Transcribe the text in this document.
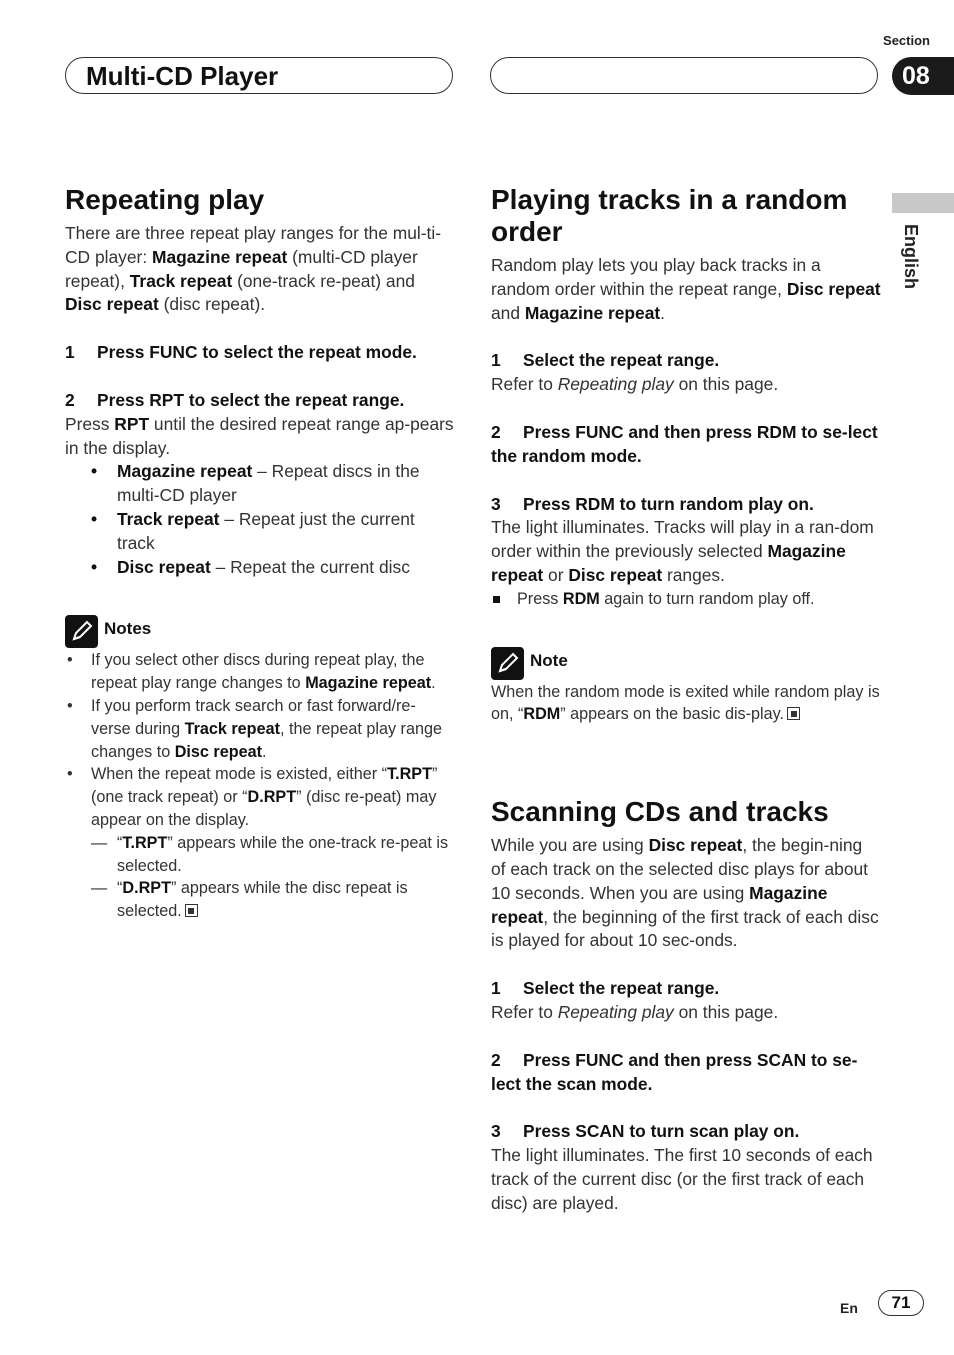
Section
Multi-CD Player	08
English
Repeating play

There are three repeat play ranges for the mul-ti-CD player: Magazine repeat (multi-CD player repeat), Track repeat (one-track re-peat) and Disc repeat (disc repeat).

1 Press FUNC to select the repeat mode.
2 Press RPT to select the repeat range.

Press RPT until the desired repeat range ap-pears in the display.

• Magazine repeat – Repeat discs in the multi-CD player
• Track repeat – Repeat just the current track
• Disc repeat – Repeat the current disc
Notes
• If you select other discs during repeat play, the repeat play range changes to Magazine repeat.
• If you perform track search or fast forward/re-verse during Track repeat, the repeat play range changes to Disc repeat.
• When the repeat mode is existed, either “T.RPT” (one track repeat) or “D.RPT” (disc re-peat) may appear on the display.
— “T.RPT” appears while the one-track re-peat is selected.
— “D.RPT” appears while the disc repeat is selected.
Playing tracks in a random order

Random play lets you play back tracks in a random order within the repeat range, Disc repeat and Magazine repeat.

1 Select the repeat range.

Refer to Repeating play on this page.

2 Press FUNC and then press RDM to se-lect the random mode.
3 Press RDM to turn random play on.

The light illuminates. Tracks will play in a ran-dom order within the previously selected Magazine repeat or Disc repeat ranges.

Press RDM again to turn random play off.

Note

When the random mode is exited while random play is on, “RDM” appears on the basic dis-play.

Scanning CDs and tracks

While you are using Disc repeat, the begin-ning of each track on the selected disc plays for about 10 seconds. When you are using Magazine repeat, the beginning of the first track of each disc is played for about 10 sec-onds.

1 Select the repeat range.

Refer to Repeating play on this page.

2 Press FUNC and then press SCAN to se-lect the scan mode.
3 Press SCAN to turn scan play on.

The light illuminates. The first 10 seconds of each track of the current disc (or the first track of each disc) are played.

En	71
